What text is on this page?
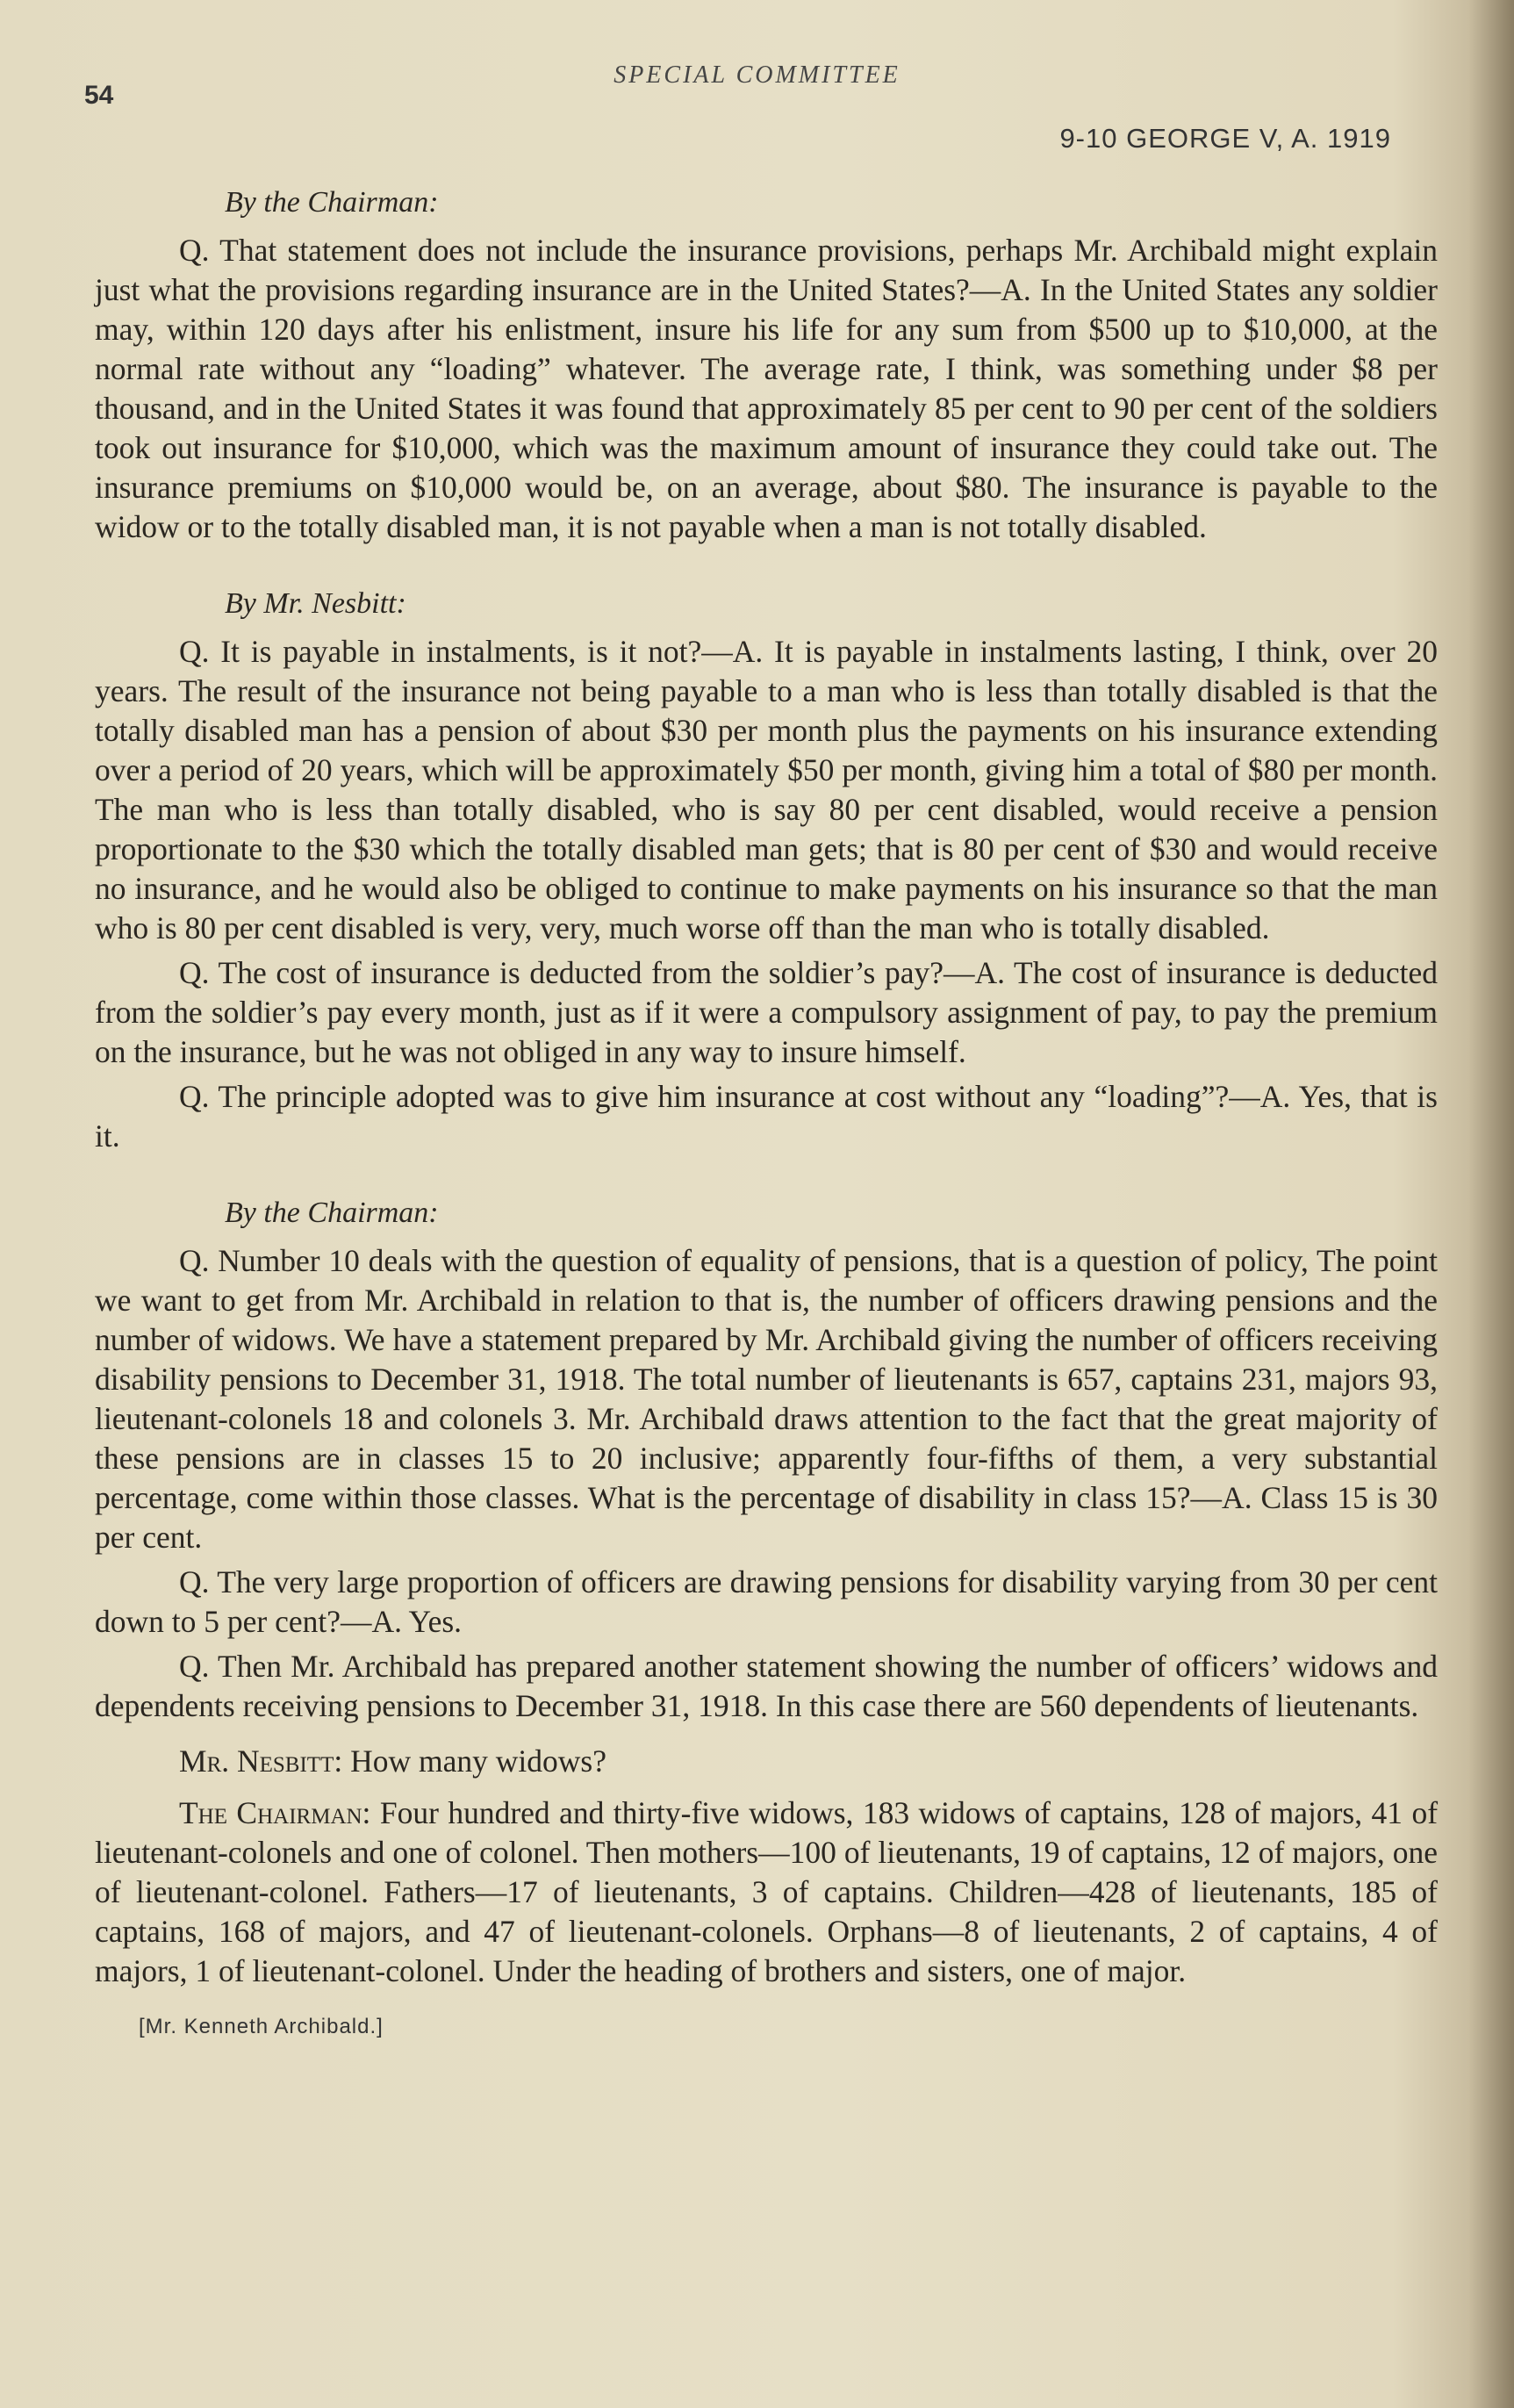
54
SPECIAL COMMITTEE
9-10 GEORGE V, A. 1919
By the Chairman:

Q. That statement does not include the insurance provisions, perhaps Mr. Archibald might explain just what the provisions regarding insurance are in the United States?—A. In the United States any soldier may, within 120 days after his enlistment, insure his life for any sum from $500 up to $10,000, at the normal rate without any “loading” whatever. The average rate, I think, was something under $8 per thousand, and in the United States it was found that approximately 85 per cent to 90 per cent of the soldiers took out insurance for $10,000, which was the maximum amount of insurance they could take out. The insurance premiums on $10,000 would be, on an average, about $80. The insurance is payable to the widow or to the totally disabled man, it is not payable when a man is not totally disabled.

By Mr. Nesbitt:

Q. It is payable in instalments, is it not?—A. It is payable in instalments lasting, I think, over 20 years. The result of the insurance not being payable to a man who is less than totally disabled is that the totally disabled man has a pension of about $30 per month plus the payments on his insurance extending over a period of 20 years, which will be approximately $50 per month, giving him a total of $80 per month. The man who is less than totally disabled, who is say 80 per cent disabled, would receive a pension proportionate to the $30 which the totally disabled man gets; that is 80 per cent of $30 and would receive no insurance, and he would also be obliged to continue to make payments on his insurance so that the man who is 80 per cent disabled is very, very, much worse off than the man who is totally disabled.

Q. The cost of insurance is deducted from the soldier’s pay?—A. The cost of insurance is deducted from the soldier’s pay every month, just as if it were a compulsory assignment of pay, to pay the premium on the insurance, but he was not obliged in any way to insure himself.

Q. The principle adopted was to give him insurance at cost without any “loading”?—A. Yes, that is it.

By the Chairman:

Q. Number 10 deals with the question of equality of pensions, that is a question of policy, The point we want to get from Mr. Archibald in relation to that is, the number of officers drawing pensions and the number of widows. We have a statement prepared by Mr. Archibald giving the number of officers receiving disability pensions to December 31, 1918. The total number of lieutenants is 657, captains 231, majors 93, lieutenant-colonels 18 and colonels 3. Mr. Archibald draws attention to the fact that the great majority of these pensions are in classes 15 to 20 inclusive; apparently four-fifths of them, a very substantial percentage, come within those classes. What is the percentage of disability in class 15?—A. Class 15 is 30 per cent.

Q. The very large proportion of officers are drawing pensions for disability varying from 30 per cent down to 5 per cent?—A. Yes.

Q. Then Mr. Archibald has prepared another statement showing the number of officers’ widows and dependents receiving pensions to December 31, 1918. In this case there are 560 dependents of lieutenants.

Mr. Nesbitt: How many widows?

The Chairman: Four hundred and thirty-five widows, 183 widows of captains, 128 of majors, 41 of lieutenant-colonels and one of colonel. Then mothers—100 of lieutenants, 19 of captains, 12 of majors, one of lieutenant-colonel. Fathers—17 of lieutenants, 3 of captains. Children—428 of lieutenants, 185 of captains, 168 of majors, and 47 of lieutenant-colonels. Orphans—8 of lieutenants, 2 of captains, 4 of majors, 1 of lieutenant-colonel. Under the heading of brothers and sisters, one of major.

[Mr. Kenneth Archibald.]
